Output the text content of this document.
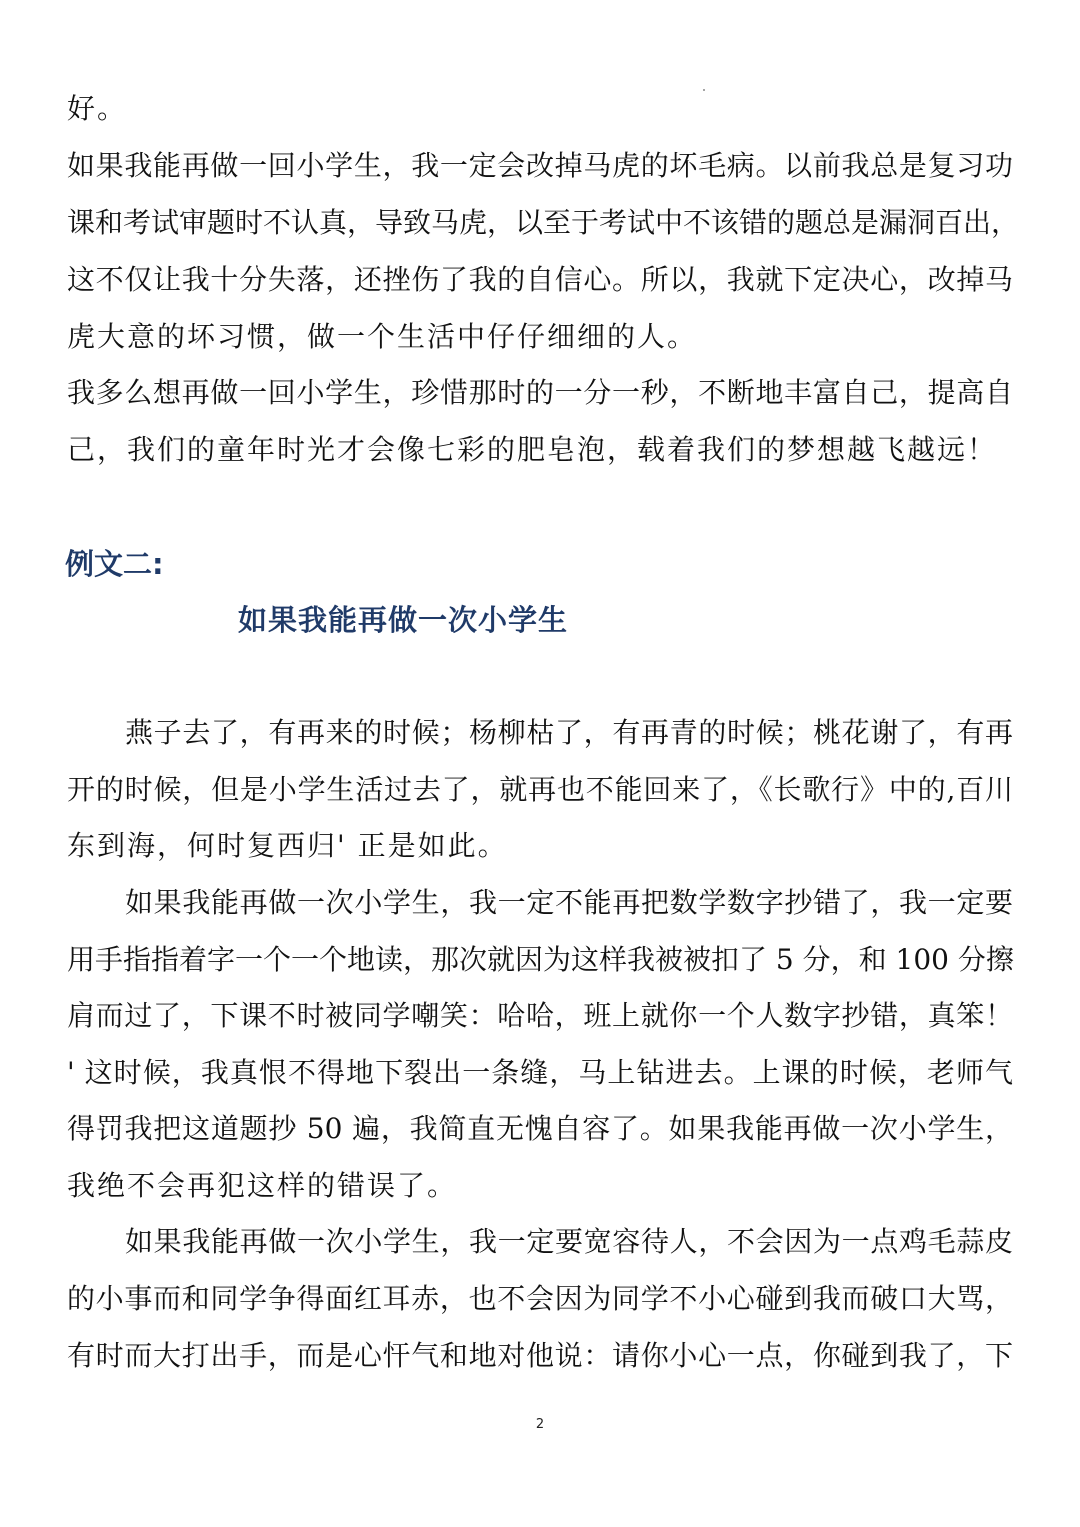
好。
如果我能再做一回小学生，我一定会改掉马虎的坏毛病。以前我总是复习功
课和考试审题时不认真，导致马虎，以至于考试中不该错的题总是漏洞百出，
这不仅让我十分失落，还挫伤了我的自信心。所以，我就下定决心，改掉马
虎大意的坏习惯，做一个生活中仔仔细细的人。
我多么想再做一回小学生，珍惜那时的一分一秒，不断地丰富自己，提高自
己，我们的童年时光才会像七彩的肥皂泡，载着我们的梦想越飞越远！
例文二:
如果我能再做一次小学生
燕子去了，有再来的时候；杨柳枯了，有再青的时候；桃花谢了，有再
开的时候，但是小学生活过去了，就再也不能回来了，《长歌行》中的,百川
东到海，何时复西归' 正是如此。
如果我能再做一次小学生，我一定不能再把数学数字抄错了，我一定要
用手指指着字一个一个地读，那次就因为这样我被被扣了 5 分，和 100 分擦
肩而过了，下课不时被同学嘲笑：哈哈，班上就你一个人数字抄错，真笨！
' 这时候，我真恨不得地下裂出一条缝，马上钻进去。上课的时候，老师气
得罚我把这道题抄 50 遍，我简直无愧自容了。如果我能再做一次小学生，
我绝不会再犯这样的错误了。
如果我能再做一次小学生，我一定要宽容待人，不会因为一点鸡毛蒜皮
的小事而和同学争得面红耳赤，也不会因为同学不小心碰到我而破口大骂，
有时而大打出手，而是心忓气和地对他说：请你小心一点，你碰到我了，下
2
